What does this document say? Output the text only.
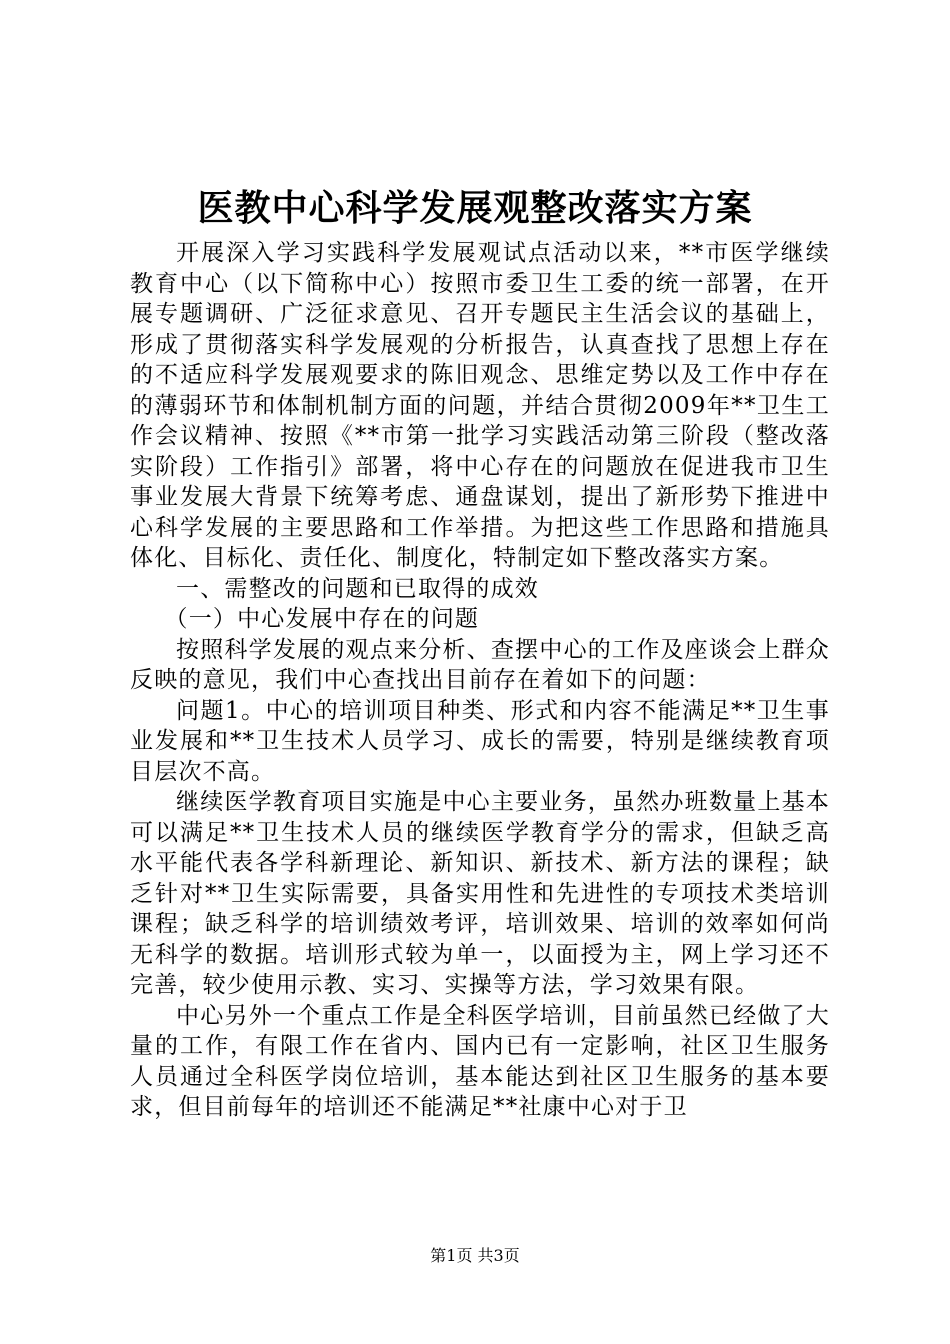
医教中心科学发展观整改落实方案

开展深入学习实践科学发展观试点活动以来，**市医学继续教育中心（以下简称中心）按照市委卫生工委的统一部署，在开展专题调研、广泛征求意见、召开专题民主生活会议的基础上，形成了贯彻落实科学发展观的分析报告，认真查找了思想上存在的不适应科学发展观要求的陈旧观念、思维定势以及工作中存在的薄弱环节和体制机制方面的问题，并结合贯彻2009年**卫生工作会议精神、按照《**市第一批学习实践活动第三阶段（整改落实阶段）工作指引》部署，将中心存在的问题放在促进我市卫生事业发展大背景下统筹考虑、通盘谋划，提出了新形势下推进中心科学发展的主要思路和工作举措。为把这些工作思路和措施具体化、目标化、责任化、制度化，特制定如下整改落实方案。

一、需整改的问题和已取得的成效

（一）中心发展中存在的问题

按照科学发展的观点来分析、查摆中心的工作及座谈会上群众反映的意见，我们中心查找出目前存在着如下的问题：

问题1。中心的培训项目种类、形式和内容不能满足**卫生事业发展和**卫生技术人员学习、成长的需要，特别是继续教育项目层次不高。

继续医学教育项目实施是中心主要业务，虽然办班数量上基本可以满足**卫生技术人员的继续医学教育学分的需求，但缺乏高水平能代表各学科新理论、新知识、新技术、新方法的课程；缺乏针对**卫生实际需要，具备实用性和先进性的专项技术类培训课程；缺乏科学的培训绩效考评，培训效果、培训的效率如何尚无科学的数据。培训形式较为单一，以面授为主，网上学习还不完善，较少使用示教、实习、实操等方法，学习效果有限。

中心另外一个重点工作是全科医学培训，目前虽然已经做了大量的工作，有限工作在省内、国内已有一定影响，社区卫生服务人员通过全科医学岗位培训，基本能达到社区卫生服务的基本要求，但目前每年的培训还不能满足**社康中心对于卫

第1页 共3页
